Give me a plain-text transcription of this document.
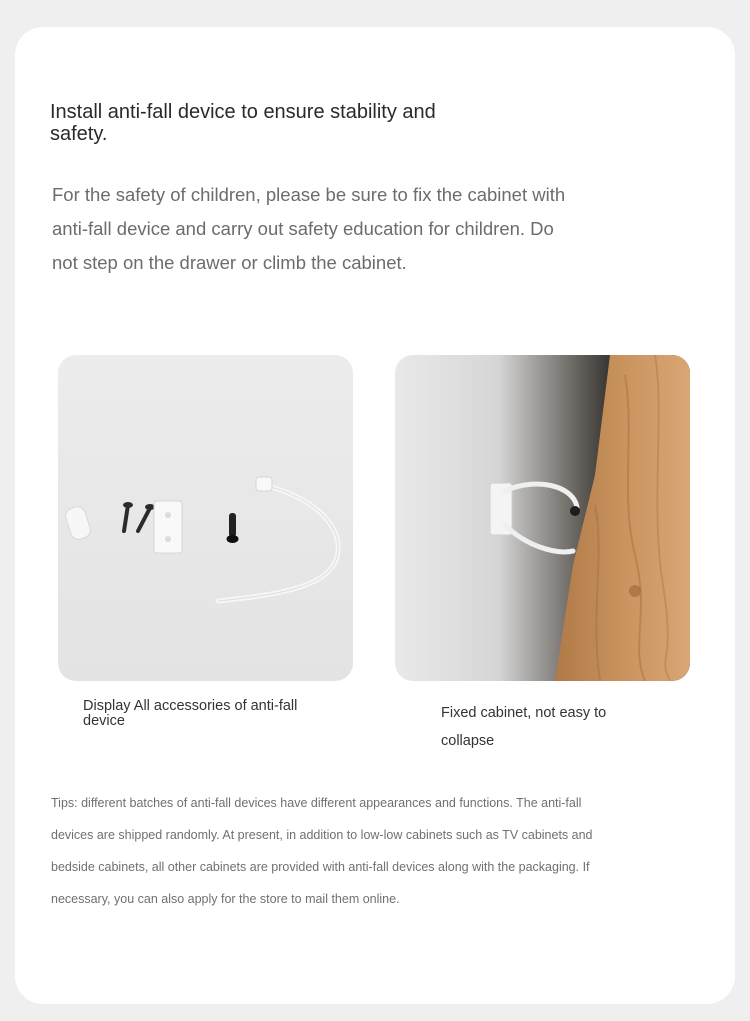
Install anti-fall device to ensure stability and safety.

For the safety of children, please be sure to fix the cabinet with anti-fall device and carry out safety education for children. Do not step on the drawer or climb the cabinet.

Display All accessories of anti-fall device	Fixed cabinet, not easy to collapse

Tips: different batches of anti-fall devices have different appearances and functions. The anti-fall devices are shipped randomly. At present, in addition to low-low cabinets such as TV cabinets and bedside cabinets, all other cabinets are provided with anti-fall devices along with the packaging. If necessary, you can also apply for the store to mail them online.
